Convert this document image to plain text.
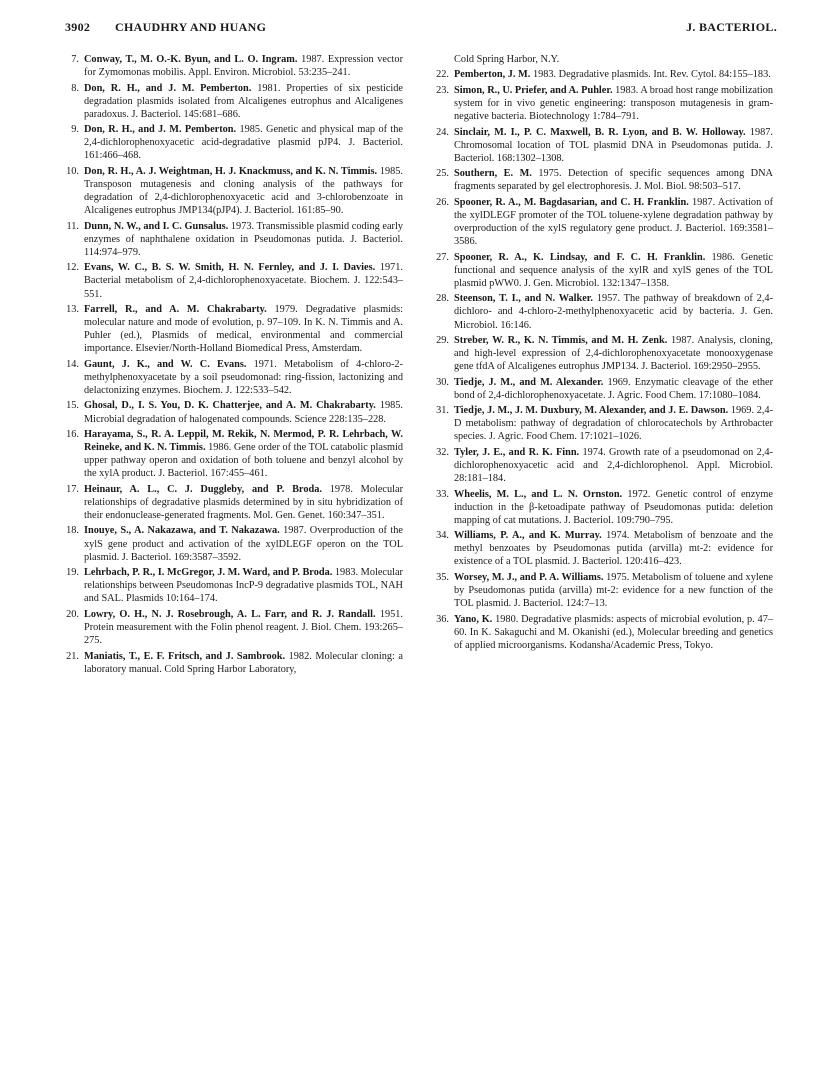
3902 CHAUDHRY AND HUANG	J. BACTERIOL.
7. Conway, T., M. O.-K. Byun, and L. O. Ingram. 1987. Expression vector for Zymomonas mobilis. Appl. Environ. Microbiol. 53:235–241.
8. Don, R. H., and J. M. Pemberton. 1981. Properties of six pesticide degradation plasmids isolated from Alcaligenes eutrophus and Alcaligenes paradoxus. J. Bacteriol. 145:681–686.
9. Don, R. H., and J. M. Pemberton. 1985. Genetic and physical map of the 2,4-dichlorophenoxyacetic acid-degradative plasmid pJP4. J. Bacteriol. 161:466–468.
10. Don, R. H., A. J. Weightman, H. J. Knackmuss, and K. N. Timmis. 1985. Transposon mutagenesis and cloning analysis of the pathways for degradation of 2,4-dichlorophenoxyacetic acid and 3-chlorobenzoate in Alcaligenes eutrophus JMP134(pJP4). J. Bacteriol. 161:85–90.
11. Dunn, N. W., and I. C. Gunsalus. 1973. Transmissible plasmid coding early enzymes of naphthalene oxidation in Pseudomonas putida. J. Bacteriol. 114:974–979.
12. Evans, W. C., B. S. W. Smith, H. N. Fernley, and J. I. Davies. 1971. Bacterial metabolism of 2,4-dichlorophenoxyacetate. Biochem. J. 122:543–551.
13. Farrell, R., and A. M. Chakrabarty. 1979. Degradative plasmids: molecular nature and mode of evolution, p. 97–109. In K. N. Timmis and A. Puhler (ed.), Plasmids of medical, environmental and commercial importance. Elsevier/North-Holland Biomedical Press, Amsterdam.
14. Gaunt, J. K., and W. C. Evans. 1971. Metabolism of 4-chloro-2-methylphenoxyacetate by a soil pseudomonad: ring-fission, lactonizing and delactonizing enzymes. Biochem. J. 122:533–542.
15. Ghosal, D., I. S. You, D. K. Chatterjee, and A. M. Chakrabarty. 1985. Microbial degradation of halogenated compounds. Science 228:135–228.
16. Harayama, S., R. A. Leppil, M. Rekik, N. Mermod, P. R. Lehrbach, W. Reineke, and K. N. Timmis. 1986. Gene order of the TOL catabolic plasmid upper pathway operon and oxidation of both toluene and benzyl alcohol by the xylA product. J. Bacteriol. 167:455–461.
17. Heinaur, A. L., C. J. Duggleby, and P. Broda. 1978. Molecular relationships of degradative plasmids determined by in situ hybridization of their endonuclease-generated fragments. Mol. Gen. Genet. 160:347–351.
18. Inouye, S., A. Nakazawa, and T. Nakazawa. 1987. Overproduction of the xylS gene product and activation of the xylDLEGF operon on the TOL plasmid. J. Bacteriol. 169:3587–3592.
19. Lehrbach, P. R., I. McGregor, J. M. Ward, and P. Broda. 1983. Molecular relationships between Pseudomonas IncP-9 degradative plasmids TOL, NAH and SAL. Plasmids 10:164–174.
20. Lowry, O. H., N. J. Rosebrough, A. L. Farr, and R. J. Randall. 1951. Protein measurement with the Folin phenol reagent. J. Biol. Chem. 193:265–275.
21. Maniatis, T., E. F. Fritsch, and J. Sambrook. 1982. Molecular cloning: a laboratory manual. Cold Spring Harbor Laboratory,
Cold Spring Harbor, N.Y.
22. Pemberton, J. M. 1983. Degradative plasmids. Int. Rev. Cytol. 84:155–183.
23. Simon, R., U. Priefer, and A. Puhler. 1983. A broad host range mobilization system for in vivo genetic engineering: transposon mutagenesis in gram-negative bacteria. Biotechnology 1:784–791.
24. Sinclair, M. I., P. C. Maxwell, B. R. Lyon, and B. W. Holloway. 1987. Chromosomal location of TOL plasmid DNA in Pseudomonas putida. J. Bacteriol. 168:1302–1308.
25. Southern, E. M. 1975. Detection of specific sequences among DNA fragments separated by gel electrophoresis. J. Mol. Biol. 98:503–517.
26. Spooner, R. A., M. Bagdasarian, and C. H. Franklin. 1987. Activation of the xylDLEGF promoter of the TOL toluene-xylene degradation pathway by overproduction of the xylS regulatory gene product. J. Bacteriol. 169:3581–3586.
27. Spooner, R. A., K. Lindsay, and F. C. H. Franklin. 1986. Genetic functional and sequence analysis of the xylR and xylS genes of the TOL plasmid pWW0. J. Gen. Microbiol. 132:1347–1358.
28. Steenson, T. I., and N. Walker. 1957. The pathway of breakdown of 2,4-dichloro- and 4-chloro-2-methylphenoxyacetic acid by bacteria. J. Gen. Microbiol. 16:146.
29. Streber, W. R., K. N. Timmis, and M. H. Zenk. 1987. Analysis, cloning, and high-level expression of 2,4-dichlorophenoxyacetate monooxygenase gene tfdA of Alcaligenes eutrophus JMP134. J. Bacteriol. 169:2950–2955.
30. Tiedje, J. M., and M. Alexander. 1969. Enzymatic cleavage of the ether bond of 2,4-dichlorophenoxyacetate. J. Agric. Food Chem. 17:1080–1084.
31. Tiedje, J. M., J. M. Duxbury, M. Alexander, and J. E. Dawson. 1969. 2,4-D metabolism: pathway of degradation of chlorocatechols by Arthrobacter species. J. Agric. Food Chem. 17:1021–1026.
32. Tyler, J. E., and R. K. Finn. 1974. Growth rate of a pseudomonad on 2,4-dichlorophenoxyacetic acid and 2,4-dichlorophenol. Appl. Microbiol. 28:181–184.
33. Wheelis, M. L., and L. N. Ornston. 1972. Genetic control of enzyme induction in the β-ketoadipate pathway of Pseudomonas putida: deletion mapping of cat mutations. J. Bacteriol. 109:790–795.
34. Williams, P. A., and K. Murray. 1974. Metabolism of benzoate and the methyl benzoates by Pseudomonas putida (arvilla) mt-2: evidence for existence of a TOL plasmid. J. Bacteriol. 120:416–423.
35. Worsey, M. J., and P. A. Williams. 1975. Metabolism of toluene and xylene by Pseudomonas putida (arvilla) mt-2: evidence for a new function of the TOL plasmid. J. Bacteriol. 124:7–13.
36. Yano, K. 1980. Degradative plasmids: aspects of microbial evolution, p. 47–60. In K. Sakaguchi and M. Okanishi (ed.), Molecular breeding and genetics of applied microorganisms. Kodansha/Academic Press, Tokyo.
